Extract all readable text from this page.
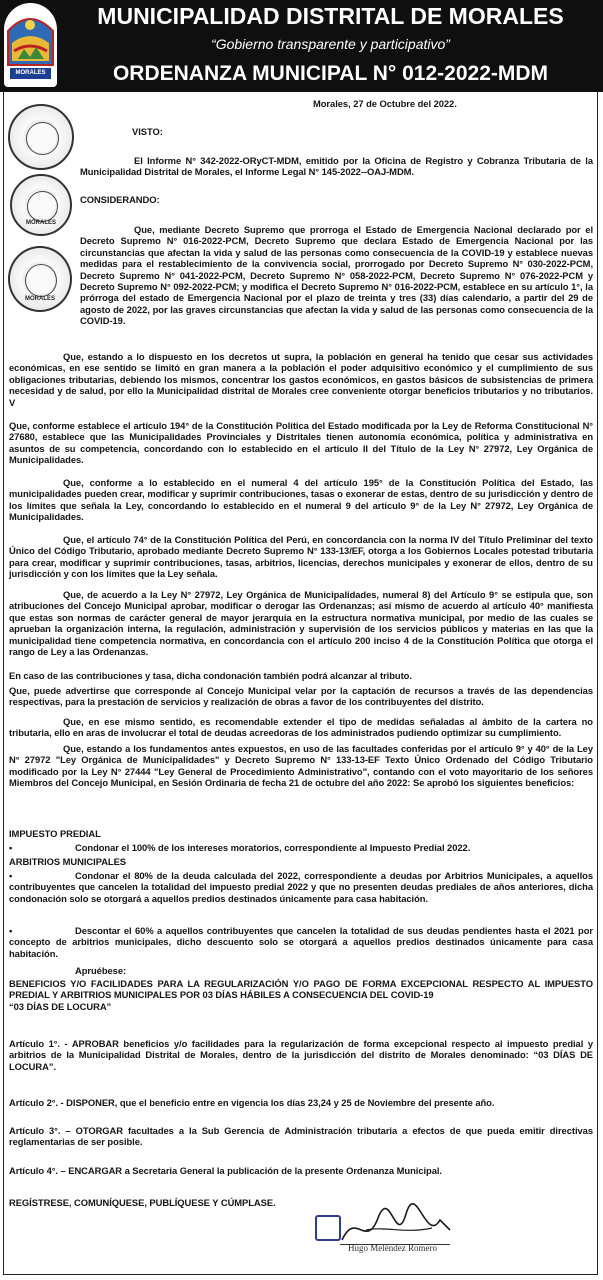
MORALES
MUNICIPALIDAD DISTRITAL DE MORALES
“Gobierno transparente y participativo”
ORDENANZA MUNICIPAL N° 012-2022-MDM
MORALES
MORALES
Morales, 27 de Octubre del 2022.
VISTO:
El Informe N° 342-2022-ORyCT-MDM, emitido por la Oficina de Registro y Cobranza Tributaria de la Municipalidad Distrital de Morales, el Informe Legal N° 145-2022--OAJ-MDM.
CONSIDERANDO:
Que, mediante Decreto Supremo que prorroga el Estado de Emergencia Nacional declarado por el Decreto Supremo N° 016-2022-PCM, Decreto Supremo que declara Estado de Emergencia Nacional por las circunstancias que afectan la vida y salud de las personas como consecuencia de la COVID-19 y establece nuevas medidas para el restablecimiento de la convivencia social, prorrogado por Decreto Supremo N° 030-2022-PCM, Decreto Supremo N° 041-2022-PCM, Decreto Supremo N° 058-2022-PCM, Decreto Supremo N° 076-2022-PCM y Decreto Supremo N° 092-2022-PCM; y modifica el Decreto Supremo N° 016-2022-PCM, establece en su artículo 1°, la prórroga del estado de Emergencia Nacional por el plazo de treinta y tres (33) días calendario, a partir del 29 de agosto de 2022, por las graves circunstancias que afectan la vida y salud de las personas como consecuencia de la COVID-19.
Que, estando a lo dispuesto en los decretos ut supra, la población en general ha tenido que cesar sus actividades económicas, en ese sentido se limitó en gran manera a la población el poder adquisitivo económico y el cumplimiento de sus obligaciones tributarias, debiendo los mismos, concentrar los gastos económicos, en gastos básicos de subsistencias de primera necesidad y de salud, por ello la Municipalidad distrital de Morales cree conveniente otorgar beneficios tributarios y no tributarios. V
Que, conforme establece el artículo 194° de la Constitución Política del Estado modificada por la Ley de Reforma Constitucional N° 27680, establece que las Municipalidades Provinciales y Distritales tienen autonomía económica, política y administrativa en asuntos de su competencia, concordando con lo establecido en el artículo II del Título de la Ley N° 27972, Ley Orgánica de Municipalidades.
Que, conforme a lo establecido en el numeral 4 del artículo 195° de la Constitución Política del Estado, las municipalidades pueden crear, modificar y suprimir contribuciones, tasas o exonerar de estas, dentro de su jurisdicción y dentro de los límites que señala la Ley, concordando lo establecido en el numeral 9 del artículo 9° de la Ley N° 27972, Ley Orgánica de Municipalidades.
Que, el artículo 74° de la Constitución Política del Perú, en concordancia con la norma IV del Título Preliminar del texto Único del Código Tributario, aprobado mediante Decreto Supremo N° 133-13/EF, otorga a los Gobiernos Locales potestad tributaria para crear, modificar y suprimir contribuciones, tasas, arbitrios, licencias, derechos municipales y exonerar de ellos, dentro de su jurisdicción y con los límites que la Ley señala.
Que, de acuerdo a la Ley N° 27972, Ley Orgánica de Municipalidades, numeral 8) del Artículo 9° se estipula que, son atribuciones del Concejo Municipal aprobar, modificar o derogar las Ordenanzas; así mismo de acuerdo al artículo 40° manifiesta que estas son normas de carácter general de mayor jerarquía en la estructura normativa municipal, por medio de las cuales se aprueban la organización interna, la regulación, administración y supervisión de los servicios públicos y materias en las que la municipalidad tiene competencia normativa, en concordancia con el artículo 200 inciso 4 de la Constitución Política que otorga el rango de Ley a las Ordenanzas.
En caso de las contribuciones y tasa, dicha condonación también podrá alcanzar al tributo.
Que, puede advertirse que corresponde al Concejo Municipal velar por la captación de recursos a través de las dependencias respectivas, para la prestación de servicios y realización de obras a favor de los contribuyentes del distrito.
Que, en ese mismo sentido, es recomendable extender el tipo de medidas señaladas al ámbito de la cartera no tributaria, ello en aras de involucrar el total de deudas acreedoras de los administrados pudiendo optimizar su cumplimiento.
Que, estando a los fundamentos antes expuestos, en uso de las facultades conferidas por el artículo 9° y 40° de la Ley N° 27972 "Ley Orgánica de Municipalidades" y Decreto Supremo N° 133-13-EF Texto Único Ordenado del Código Tributario modificado por la Ley N° 27444 "Ley General de Procedimiento Administrativo", contando con el voto mayoritario de los señores Miembros del Concejo Municipal, en Sesión Ordinaria de fecha 21 de octubre del año 2022: Se aprobó los siguientes beneficios:
IMPUESTO PREDIAL
•	Condonar el 100% de los intereses moratorios, correspondiente al Impuesto Predial 2022.
ARBITRIOS MUNICIPALES
•	Condonar el 80% de la deuda calculada del 2022, correspondiente a deudas por Arbitrios Municipales, a aquellos contribuyentes que cancelen la totalidad del impuesto predial 2022 y que no presenten deudas prediales de años anteriores, dicha condonación solo se otorgará a aquellos predios destinados únicamente para casa habitación.
•	Descontar el 60% a aquellos contribuyentes que cancelen la totalidad de sus deudas pendientes hasta el 2021 por concepto de arbitrios municipales, dicho descuento solo se otorgará a aquellos predios destinados únicamente para casa habitación.
Apruébese:
BENEFICIOS Y/O FACILIDADES PARA LA REGULARIZACIÓN Y/O PAGO DE FORMA EXCEPCIONAL RESPECTO AL IMPUESTO PREDIAL Y ARBITRIOS MUNICIPALES POR 03 DÍAS HÁBILES A CONSECUENCIA DEL COVID-19
“03 DÍAS DE LOCURA”
Artículo 1°. - APROBAR beneficios y/o facilidades para la regularización de forma excepcional respecto al impuesto predial y arbitrios de la Municipalidad Distrital de Morales, dentro de la jurisdicción del distrito de Morales denominado: “03 DÍAS DE LOCURA”.
Artículo 2°. - DISPONER, que el beneficio entre en vigencia los días 23,24 y 25 de Noviembre del presente año.
Artículo 3°. – OTORGAR facultades a la Sub Gerencia de Administración tributaria a efectos de que pueda emitir directivas reglamentarias de ser posible.
Artículo 4°. – ENCARGAR a Secretaria General la publicación de la presente Ordenanza Municipal.
REGÍSTRESE, COMUNÍQUESE, PUBLÍQUESE Y CÚMPLASE.
Hugo Meléndez Romero
